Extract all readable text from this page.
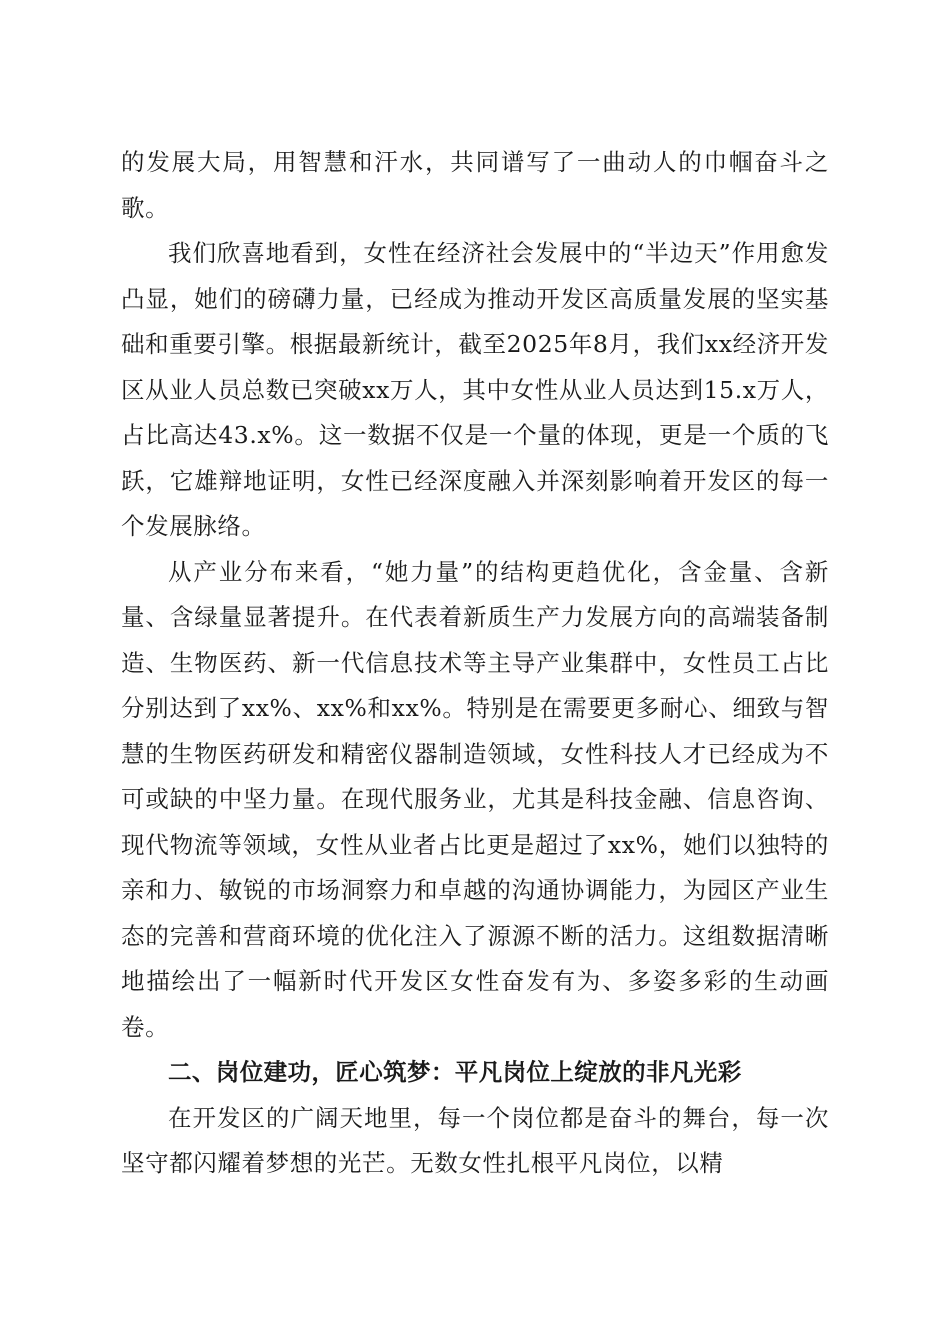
的发展大局，用智慧和汗水，共同谱写了一曲动人的巾帼奋斗之歌。

我们欣喜地看到，女性在经济社会发展中的“半边天”作用愈发凸显，她们的磅礴力量，已经成为推动开发区高质量发展的坚实基础和重要引擎。根据最新统计，截至2025年8月，我们xx经济开发区从业人员总数已突破xx万人，其中女性从业人员达到15.x万人，占比高达43.x%。这一数据不仅是一个量的体现，更是一个质的飞跃，它雄辩地证明，女性已经深度融入并深刻影响着开发区的每一个发展脉络。

从产业分布来看，“她力量”的结构更趋优化，含金量、含新量、含绿量显著提升。在代表着新质生产力发展方向的高端装备制造、生物医药、新一代信息技术等主导产业集群中，女性员工占比分别达到了xx%、xx%和xx%。特别是在需要更多耐心、细致与智慧的生物医药研发和精密仪器制造领域，女性科技人才已经成为不可或缺的中坚力量。在现代服务业，尤其是科技金融、信息咨询、现代物流等领域，女性从业者占比更是超过了xx%，她们以独特的亲和力、敏锐的市场洞察力和卓越的沟通协调能力，为园区产业生态的完善和营商环境的优化注入了源源不断的活力。这组数据清晰地描绘出了一幅新时代开发区女性奋发有为、多姿多彩的生动画卷。

二、岗位建功，匠心筑梦：平凡岗位上绽放的非凡光彩

在开发区的广阔天地里，每一个岗位都是奋斗的舞台，每一次坚守都闪耀着梦想的光芒。无数女性扎根平凡岗位，以精
